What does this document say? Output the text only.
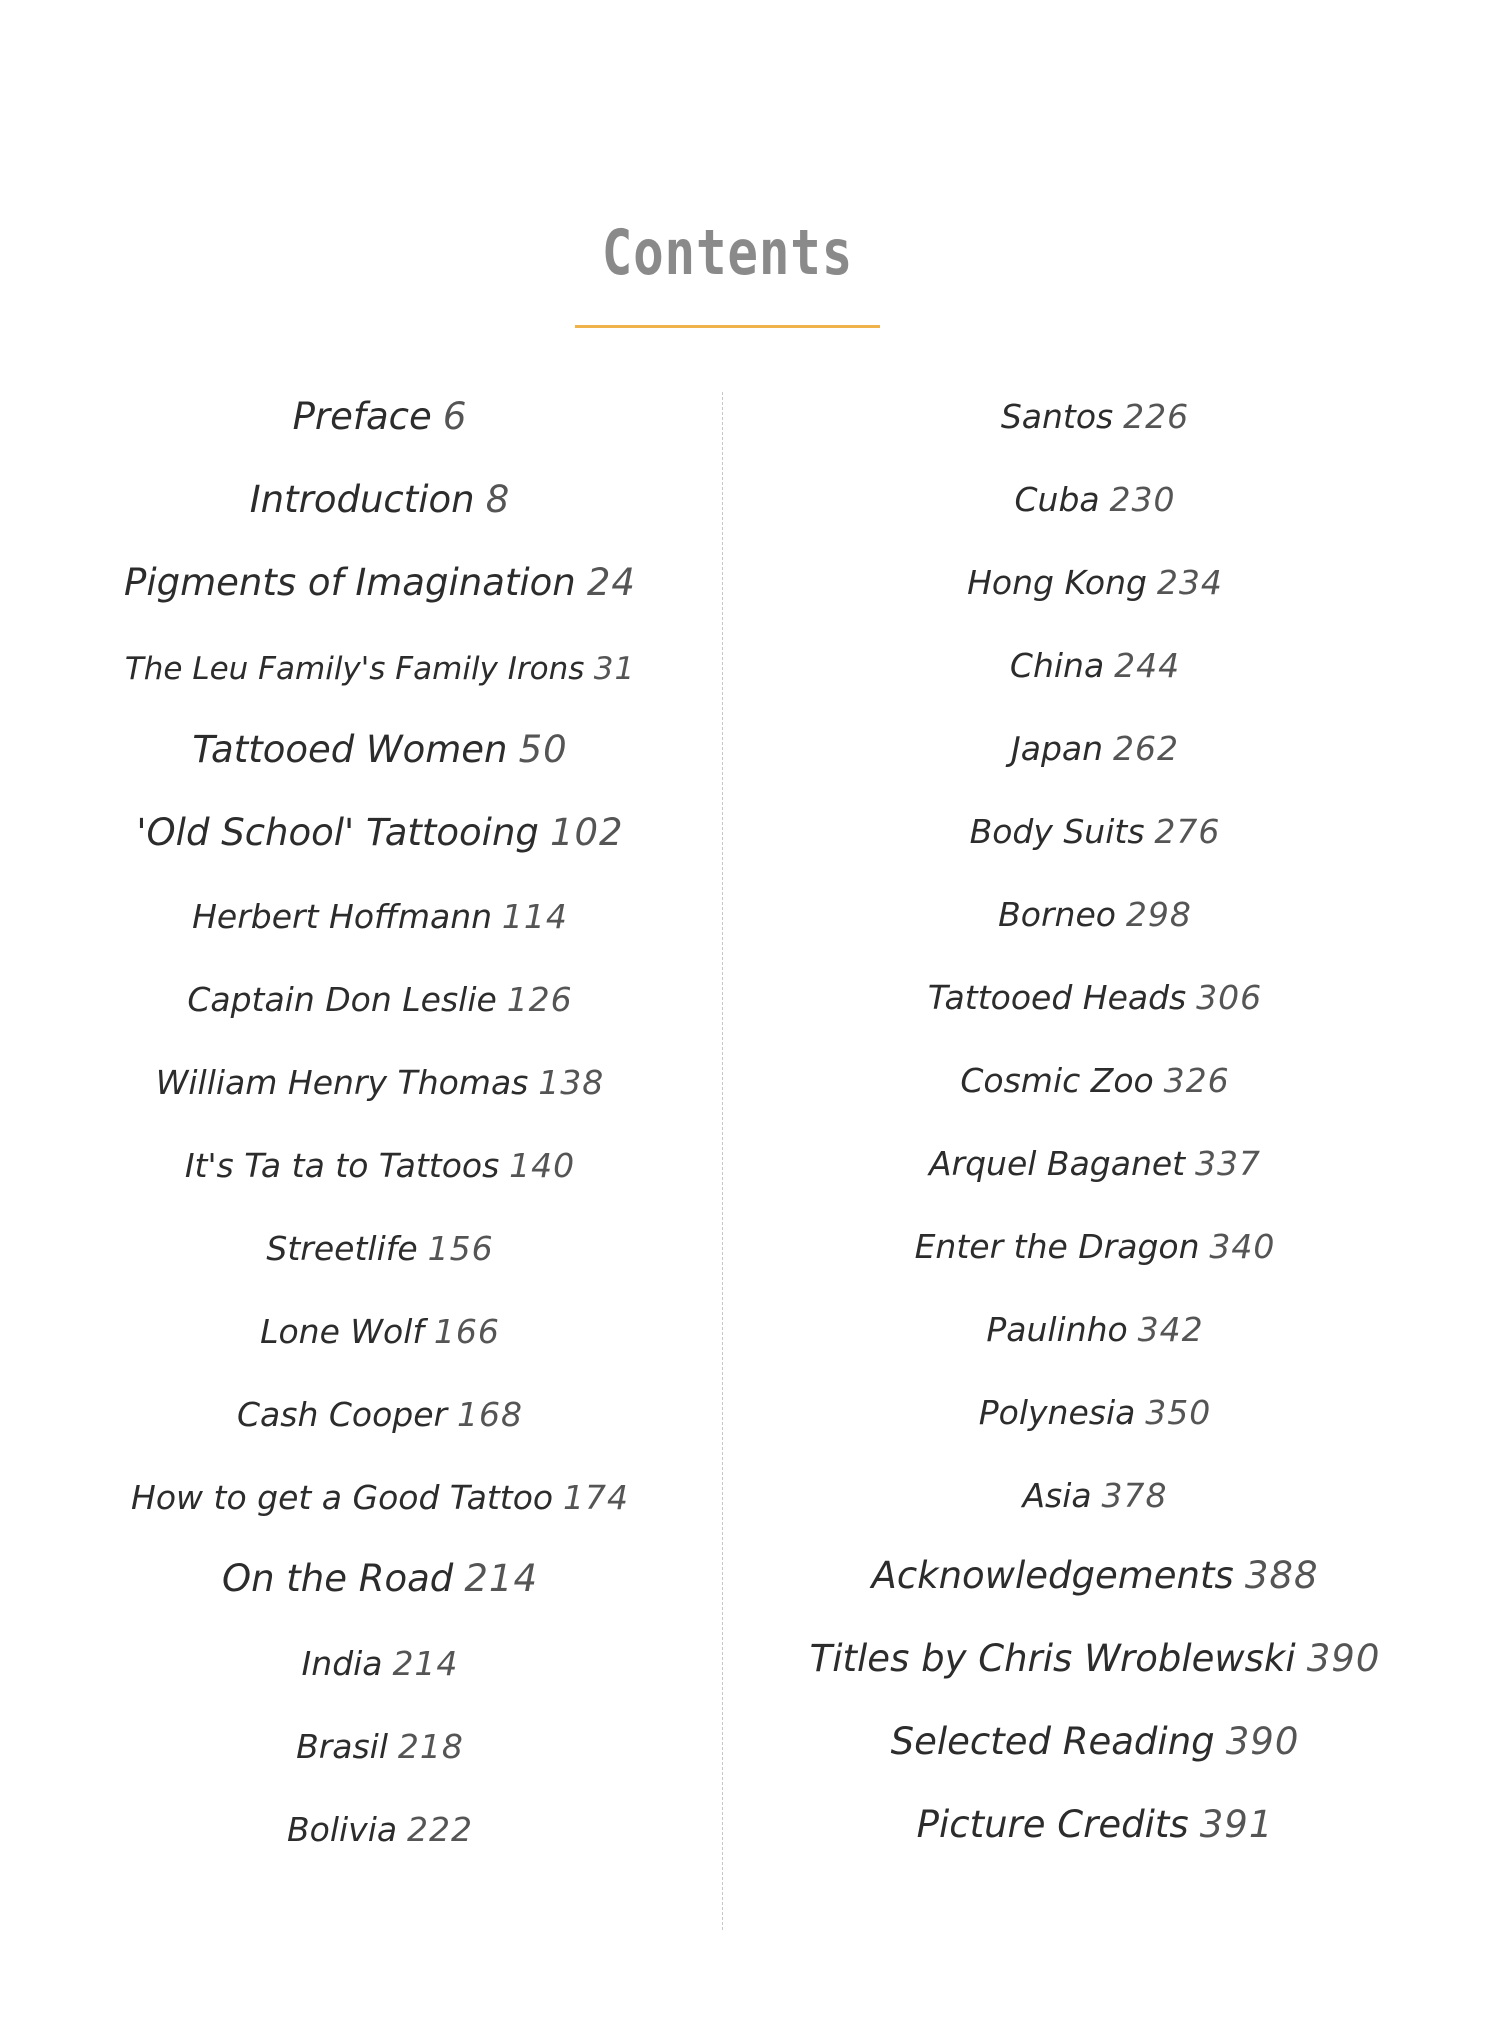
Contents
Preface 6
Introduction 8
Pigments of Imagination 24
The Leu Family's Family Irons 31
Tattooed Women 50
'Old School' Tattooing 102
Herbert Hoffmann 114
Captain Don Leslie 126
William Henry Thomas 138
It's Ta ta to Tattoos 140
Streetlife 156
Lone Wolf 166
Cash Cooper 168
How to get a Good Tattoo 174
On the Road 214
India 214
Brasil 218
Bolivia 222
Santos 226
Cuba 230
Hong Kong 234
China 244
Japan 262
Body Suits 276
Borneo 298
Tattooed Heads 306
Cosmic Zoo 326
Arquel Baganet 337
Enter the Dragon 340
Paulinho 342
Polynesia 350
Asia 378
Acknowledgements 388
Titles by Chris Wroblewski 390
Selected Reading 390
Picture Credits 391
